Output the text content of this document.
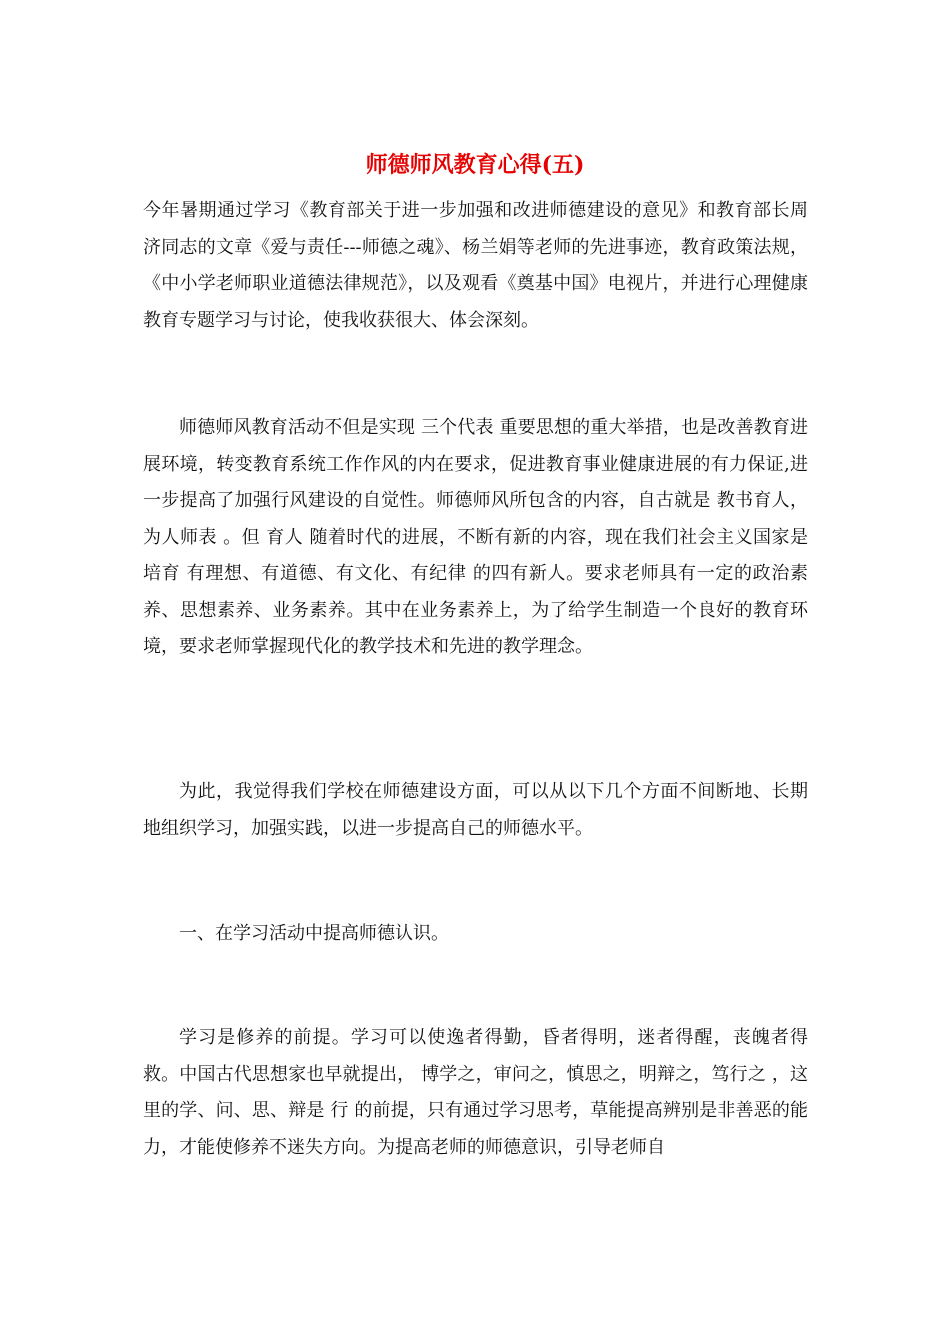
师德师风教育心得(五)

今年暑期通过学习《教育部关于进一步加强和改进师德建设的意见》和教育部长周济同志的文章《爱与责任---师德之魂》、杨兰娟等老师的先进事迹，教育政策法规，《中小学老师职业道德法律规范》，以及观看《奠基中国》电视片，并进行心理健康教育专题学习与讨论，使我收获很大、体会深刻。

师德师风教育活动不但是实现 三个代表 重要思想的重大举措，也是改善教育进展环境，转变教育系统工作作风的内在要求，促进教育事业健康进展的有力保证,进一步提高了加强行风建设的自觉性。师德师风所包含的内容，自古就是 教书育人，为人师表 。但 育人 随着时代的进展，不断有新的内容，现在我们社会主义国家是培育 有理想、有道德、有文化、有纪律 的四有新人。要求老师具有一定的政治素养、思想素养、业务素养。其中在业务素养上，为了给学生制造一个良好的教育环境，要求老师掌握现代化的教学技术和先进的教学理念。

为此，我觉得我们学校在师德建设方面，可以从以下几个方面不间断地、长期地组织学习，加强实践，以进一步提高自己的师德水平。

一、在学习活动中提高师德认识。

学习是修养的前提。学习可以使逸者得勤，昏者得明，迷者得醒，丧魄者得救。中国古代思想家也早就提出， 博学之，审问之，慎思之，明辩之，笃行之 ，这里的学、问、思、辩是 行 的前提，只有通过学习思考，草能提高辨别是非善恶的能力，才能使修养不迷失方向。为提高老师的师德意识，引导老师自
